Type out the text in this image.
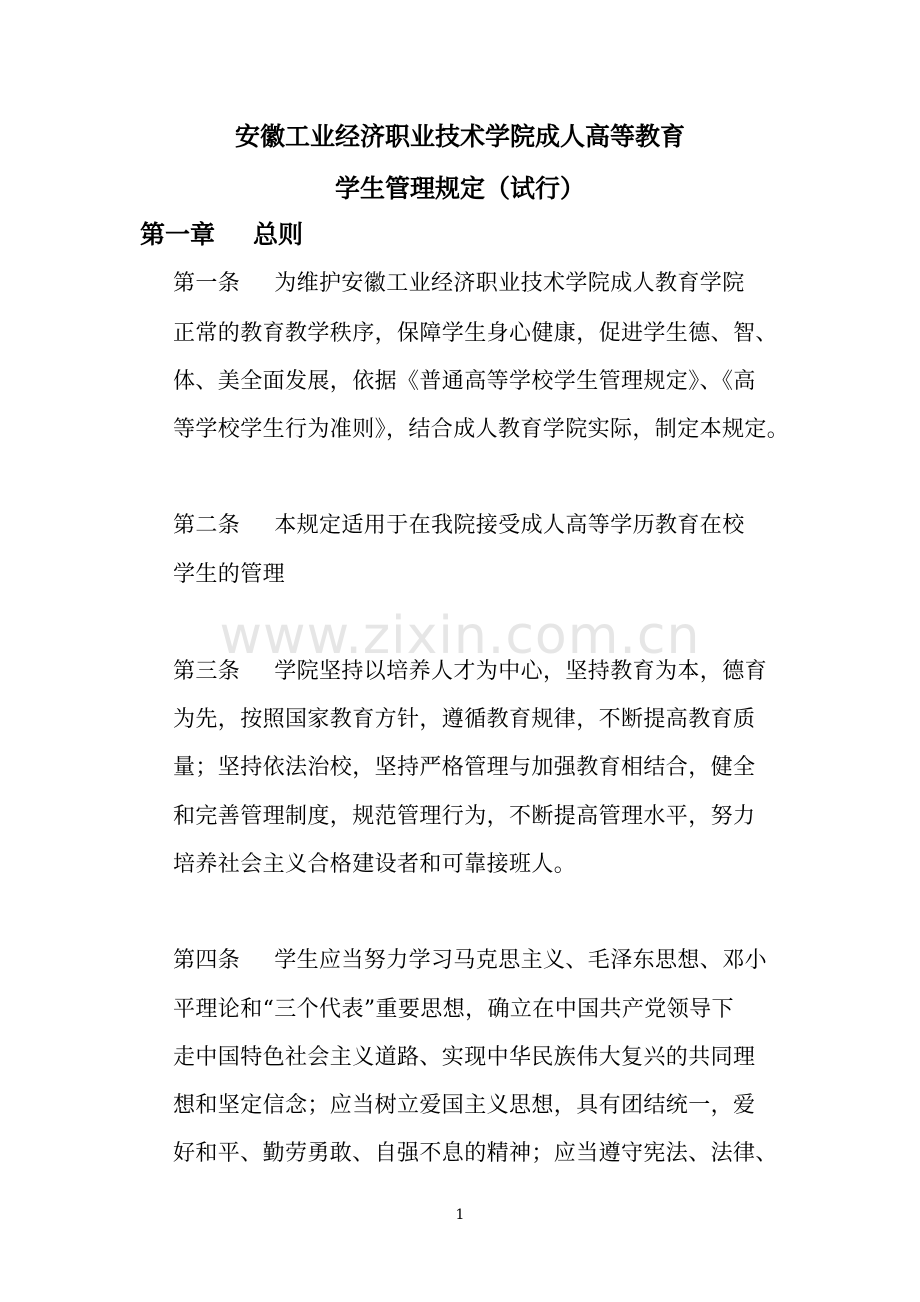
安徽工业经济职业技术学院成人高等教育
学生管理规定（试行）
第一章 总则
第一条 为维护安徽工业经济职业技术学院成人教育学院
正常的教育教学秩序，保障学生身心健康，促进学生德、智、
体、美全面发展，依据《普通高等学校学生管理规定》、《高
等学校学生行为准则》，结合成人教育学院实际，制定本规定。
第二条 本规定适用于在我院接受成人高等学历教育在校
学生的管理
www.zixin.com.cn
第三条 学院坚持以培养人才为中心，坚持教育为本，德育
为先，按照国家教育方针，遵循教育规律，不断提高教育质
量；坚持依法治校，坚持严格管理与加强教育相结合，健全
和完善管理制度，规范管理行为，不断提高管理水平，努力
培养社会主义合格建设者和可靠接班人。
第四条 学生应当努力学习马克思主义、毛泽东思想、邓小
平理论和“三个代表”重要思想，确立在中国共产党领导下
走中国特色社会主义道路、实现中华民族伟大复兴的共同理
想和坚定信念；应当树立爱国主义思想，具有团结统一，爱
好和平、勤劳勇敢、自强不息的精神；应当遵守宪法、法律、
1
